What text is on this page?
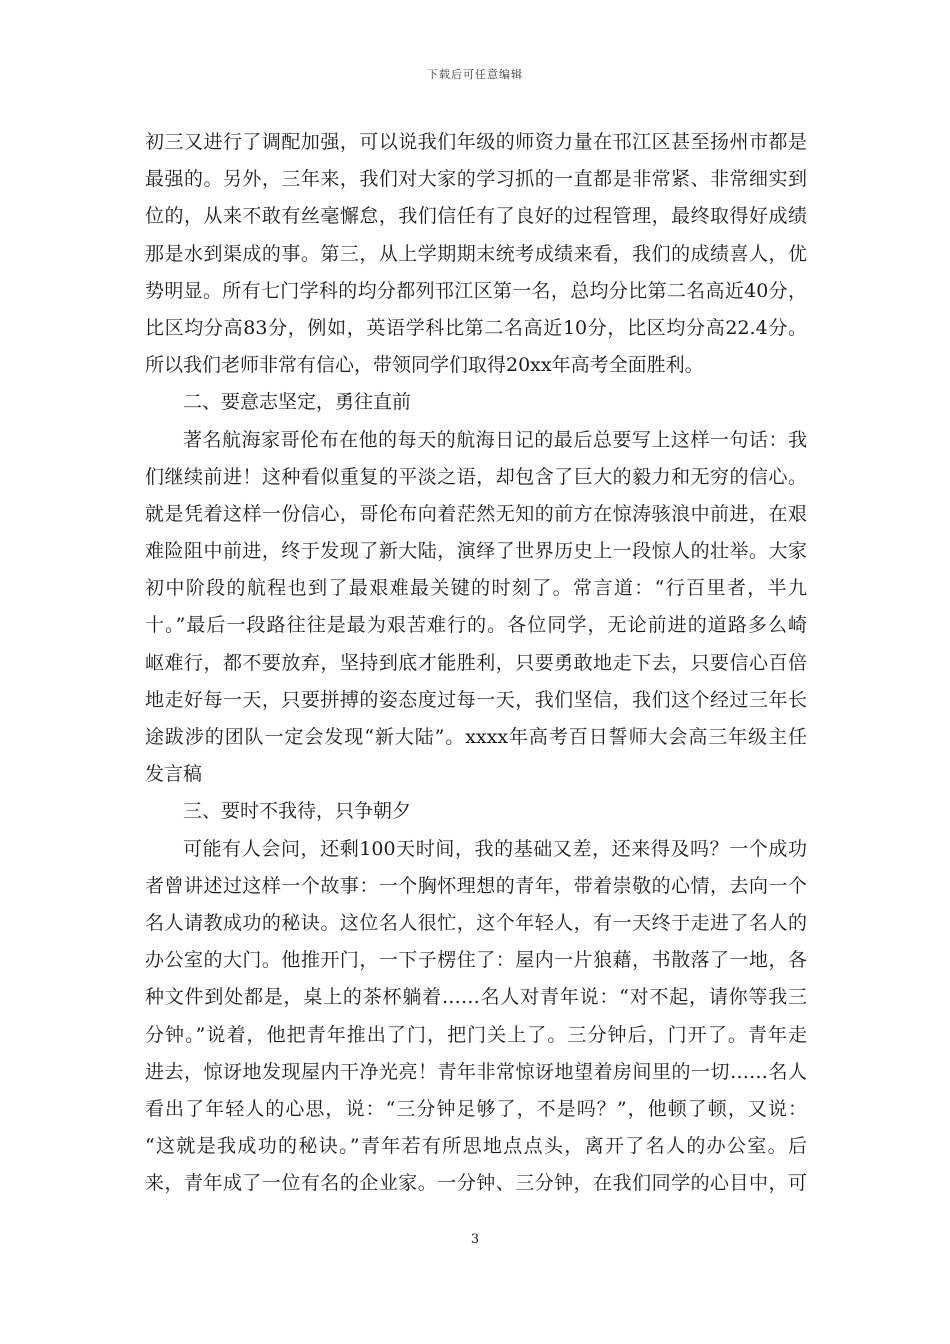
下载后可任意编辑
初三又进行了调配加强，可以说我们年级的师资力量在邗江区甚至扬州市都是
最强的。另外，三年来，我们对大家的学习抓的一直都是非常紧、非常细实到
位的，从来不敢有丝毫懈怠，我们信任有了良好的过程管理，最终取得好成绩
那是水到渠成的事。第三，从上学期期末统考成绩来看，我们的成绩喜人，优
势明显。所有七门学科的均分都列邗江区第一名，总均分比第二名高近40分，
比区均分高83分，例如，英语学科比第二名高近10分，比区均分高22.4分。
所以我们老师非常有信心，带领同学们取得20xx年高考全面胜利。
二、要意志坚定，勇往直前
著名航海家哥伦布在他的每天的航海日记的最后总要写上这样一句话：我
们继续前进！这种看似重复的平淡之语，却包含了巨大的毅力和无穷的信心。
就是凭着这样一份信心，哥伦布向着茫然无知的前方在惊涛骇浪中前进，在艰
难险阻中前进，终于发现了新大陆，演绎了世界历史上一段惊人的壮举。大家
初中阶段的航程也到了最艰难最关键的时刻了。常言道：“行百里者，半九
十。”最后一段路往往是最为艰苦难行的。各位同学，无论前进的道路多么崎
岖难行，都不要放弃，坚持到底才能胜利，只要勇敢地走下去，只要信心百倍
地走好每一天，只要拼搏的姿态度过每一天，我们坚信，我们这个经过三年长
途跋涉的团队一定会发现“新大陆”。xxxx年高考百日誓师大会高三年级主任
发言稿
三、要时不我待，只争朝夕
可能有人会问，还剩100天时间，我的基础又差，还来得及吗？一个成功
者曾讲述过这样一个故事：一个胸怀理想的青年，带着崇敬的心情，去向一个
名人请教成功的秘诀。这位名人很忙，这个年轻人，有一天终于走进了名人的
办公室的大门。他推开门，一下子楞住了：屋内一片狼藉，书散落了一地，各
种文件到处都是，桌上的茶杯躺着……名人对青年说：“对不起，请你等我三
分钟。”说着，他把青年推出了门，把门关上了。三分钟后，门开了。青年走
进去，惊讶地发现屋内干净光亮！青年非常惊讶地望着房间里的一切……名人
看出了年轻人的心思，说：“三分钟足够了，不是吗？”，他顿了顿，又说：
“这就是我成功的秘诀。”青年若有所思地点点头，离开了名人的办公室。后
来，青年成了一位有名的企业家。一分钟、三分钟，在我们同学的心目中，可
3
